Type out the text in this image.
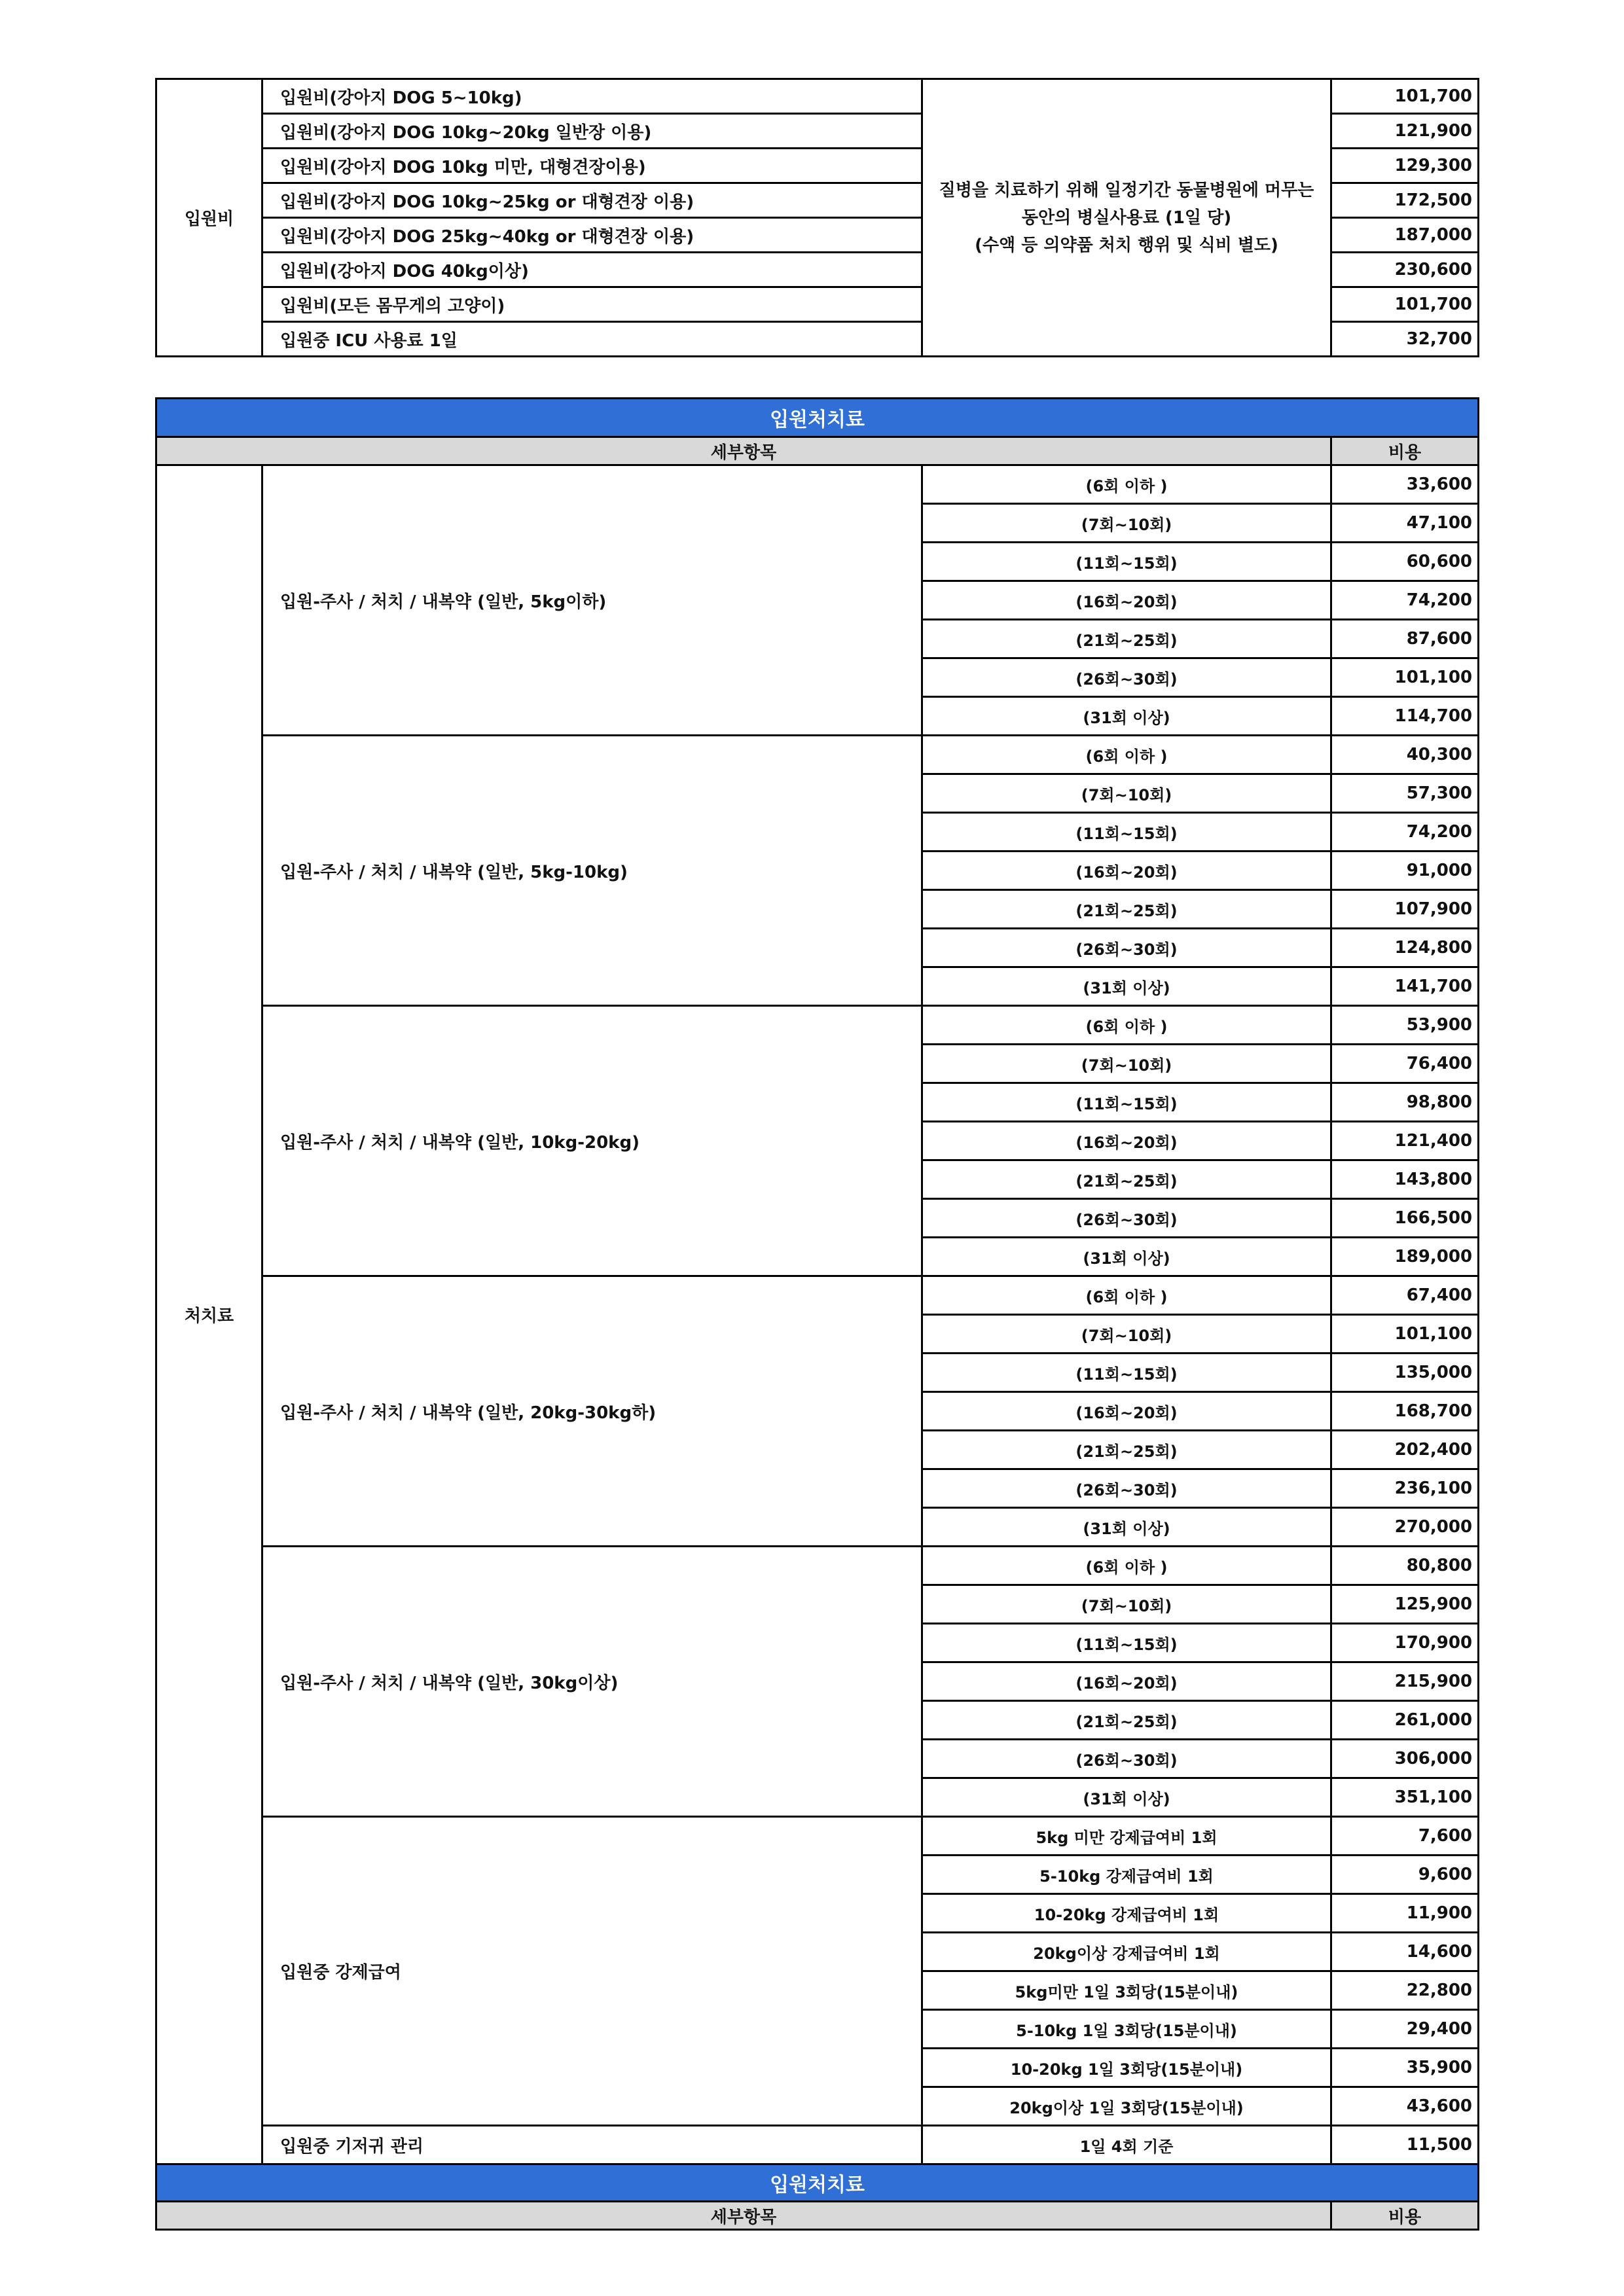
입원비	입원비(강아지 DOG 5~10kg)	질병을 치료하기 위해 일정기간 동물병원에 머무는
동안의 병실사용료 (1일 당)
(수액 등 의약품 처치 행위 및 식비 별도)	101,700
	입원비(강아지 DOG 10kg~20kg 일반장 이용)		121,900
	입원비(강아지 DOG 10kg 미만, 대형견장이용)		129,300
	입원비(강아지 DOG 10kg~25kg or 대형견장 이용)		172,500
	입원비(강아지 DOG 25kg~40kg or 대형견장 이용)		187,000
	입원비(강아지 DOG 40kg이상)		230,600
	입원비(모든 몸무게의 고양이)		101,700
	입원중 ICU 사용료 1일		32,700
입원처치료			
세부항목			비용
처치료	입원-주사 / 처치 / 내복약 (일반, 5kg이하)	(6회 이하 )	33,600
		(7회~10회)	47,100
		(11회~15회)	60,600
		(16회~20회)	74,200
		(21회~25회)	87,600
		(26회~30회)	101,100
		(31회 이상)	114,700
	입원-주사 / 처치 / 내복약 (일반, 5kg-10kg)	(6회 이하 )	40,300
		(7회~10회)	57,300
		(11회~15회)	74,200
		(16회~20회)	91,000
		(21회~25회)	107,900
		(26회~30회)	124,800
		(31회 이상)	141,700
	입원-주사 / 처치 / 내복약 (일반, 10kg-20kg)	(6회 이하 )	53,900
		(7회~10회)	76,400
		(11회~15회)	98,800
		(16회~20회)	121,400
		(21회~25회)	143,800
		(26회~30회)	166,500
		(31회 이상)	189,000
	입원-주사 / 처치 / 내복약 (일반, 20kg-30kg하)	(6회 이하 )	67,400
		(7회~10회)	101,100
		(11회~15회)	135,000
		(16회~20회)	168,700
		(21회~25회)	202,400
		(26회~30회)	236,100
		(31회 이상)	270,000
	입원-주사 / 처치 / 내복약 (일반, 30kg이상)	(6회 이하 )	80,800
		(7회~10회)	125,900
		(11회~15회)	170,900
		(16회~20회)	215,900
		(21회~25회)	261,000
		(26회~30회)	306,000
		(31회 이상)	351,100
	입원중 강제급여	5kg 미만 강제급여비 1회	7,600
		5-10kg 강제급여비 1회	9,600
		10-20kg 강제급여비 1회	11,900
		20kg이상 강제급여비 1회	14,600
		5kg미만 1일 3회당(15분이내)	22,800
		5-10kg 1일 3회당(15분이내)	29,400
		10-20kg 1일 3회당(15분이내)	35,900
		20kg이상 1일 3회당(15분이내)	43,600
	입원중 기저귀 관리	1일 4회 기준	11,500
입원처치료			
세부항목			비용
